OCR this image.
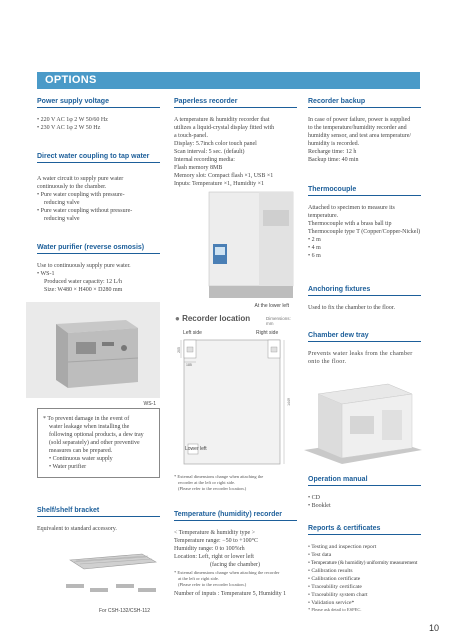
OPTIONS
Power supply voltage

• 220 V AC 1φ 2 W 50/60 Hz

• 230 V AC 1φ 2 W 50 Hz

Direct water coupling to tap water

A water circuit to supply pure water

continuously to the chamber.

• Pure water coupling with pressure-

reducing valve

• Pure water coupling without pressure-

reducing valve

Water purifier (reverse osmosis)

Use to continuously supply pure water.

• WS-1

Produced water capacity: 12 L/h

Size: W480 × H400 × D280 mm

WS-1

* To prevent damage in the event of

water leakage when installing the

following optional products, a dew tray

(sold separately) and other preventive

measures can be prepared.

• Continuous water supply

• Water purifier

Shelf/shelf bracket
Equivalent to standard accessory.
For CSH-132/CSH-112
Paperless recorder

A temperature & humidity recorder that

utilizes a liquid-crystal display fitted with

a touch-panel.

Display: 5.7inch color touch panel

Scan interval: 5 sec. (default)

Internal recording media:

Flash memory 8MB

Memory slot: Compact flash ×1, USB ×1

Inputs: Temperature ×1, Humidity ×1

At the lower left
● Recorder location	Dimensions: mm
Left side	Right side
205
185
1449
Lower left

* External dimensions change when attaching the

recorder at the left or right side.

(Please refer to the recorder location.)

Temperature (humidity) recorder

< Temperature & humidity type >

Temperature range: −50 to +100°C

Humidity range: 0 to 100%rh

Location: Left, right or lower left

(facing the chamber)

* External dimensions change when attaching the recorder

at the left or right side.

(Please refer to the recorder location.)

Number of inputs : Temperature 5, Humidity 1
Recorder backup

In case of power failure, power is supplied

to the temperature/humidity recorder and

humidity sensor, and test area temperature/

humidity is recorded.

Recharge time: 12 h

Backup time: 40 min

Thermocouple

Attached to specimen to measure its

temperature.

Thermocouple with a brass ball tip

Thermocouple type T (Copper/Copper-Nickel)

• 2 m

• 4 m

• 6 m

Anchoring fixtures
Used to fix the chamber to the floor.
Chamber dew tray

Prevents water leaks from the chamber

onto the floor.

Operation manual

• CD

• Booklet

Reports & certificates

• Testing and inspection report

• Test data

• Temperature (& humidity) uniformity measurement

• Calibration results

• Calibration certificate

• Traceability certificate

• Traceability system chart

• Validation service*

* Please ask detail to ESPEC.
10
